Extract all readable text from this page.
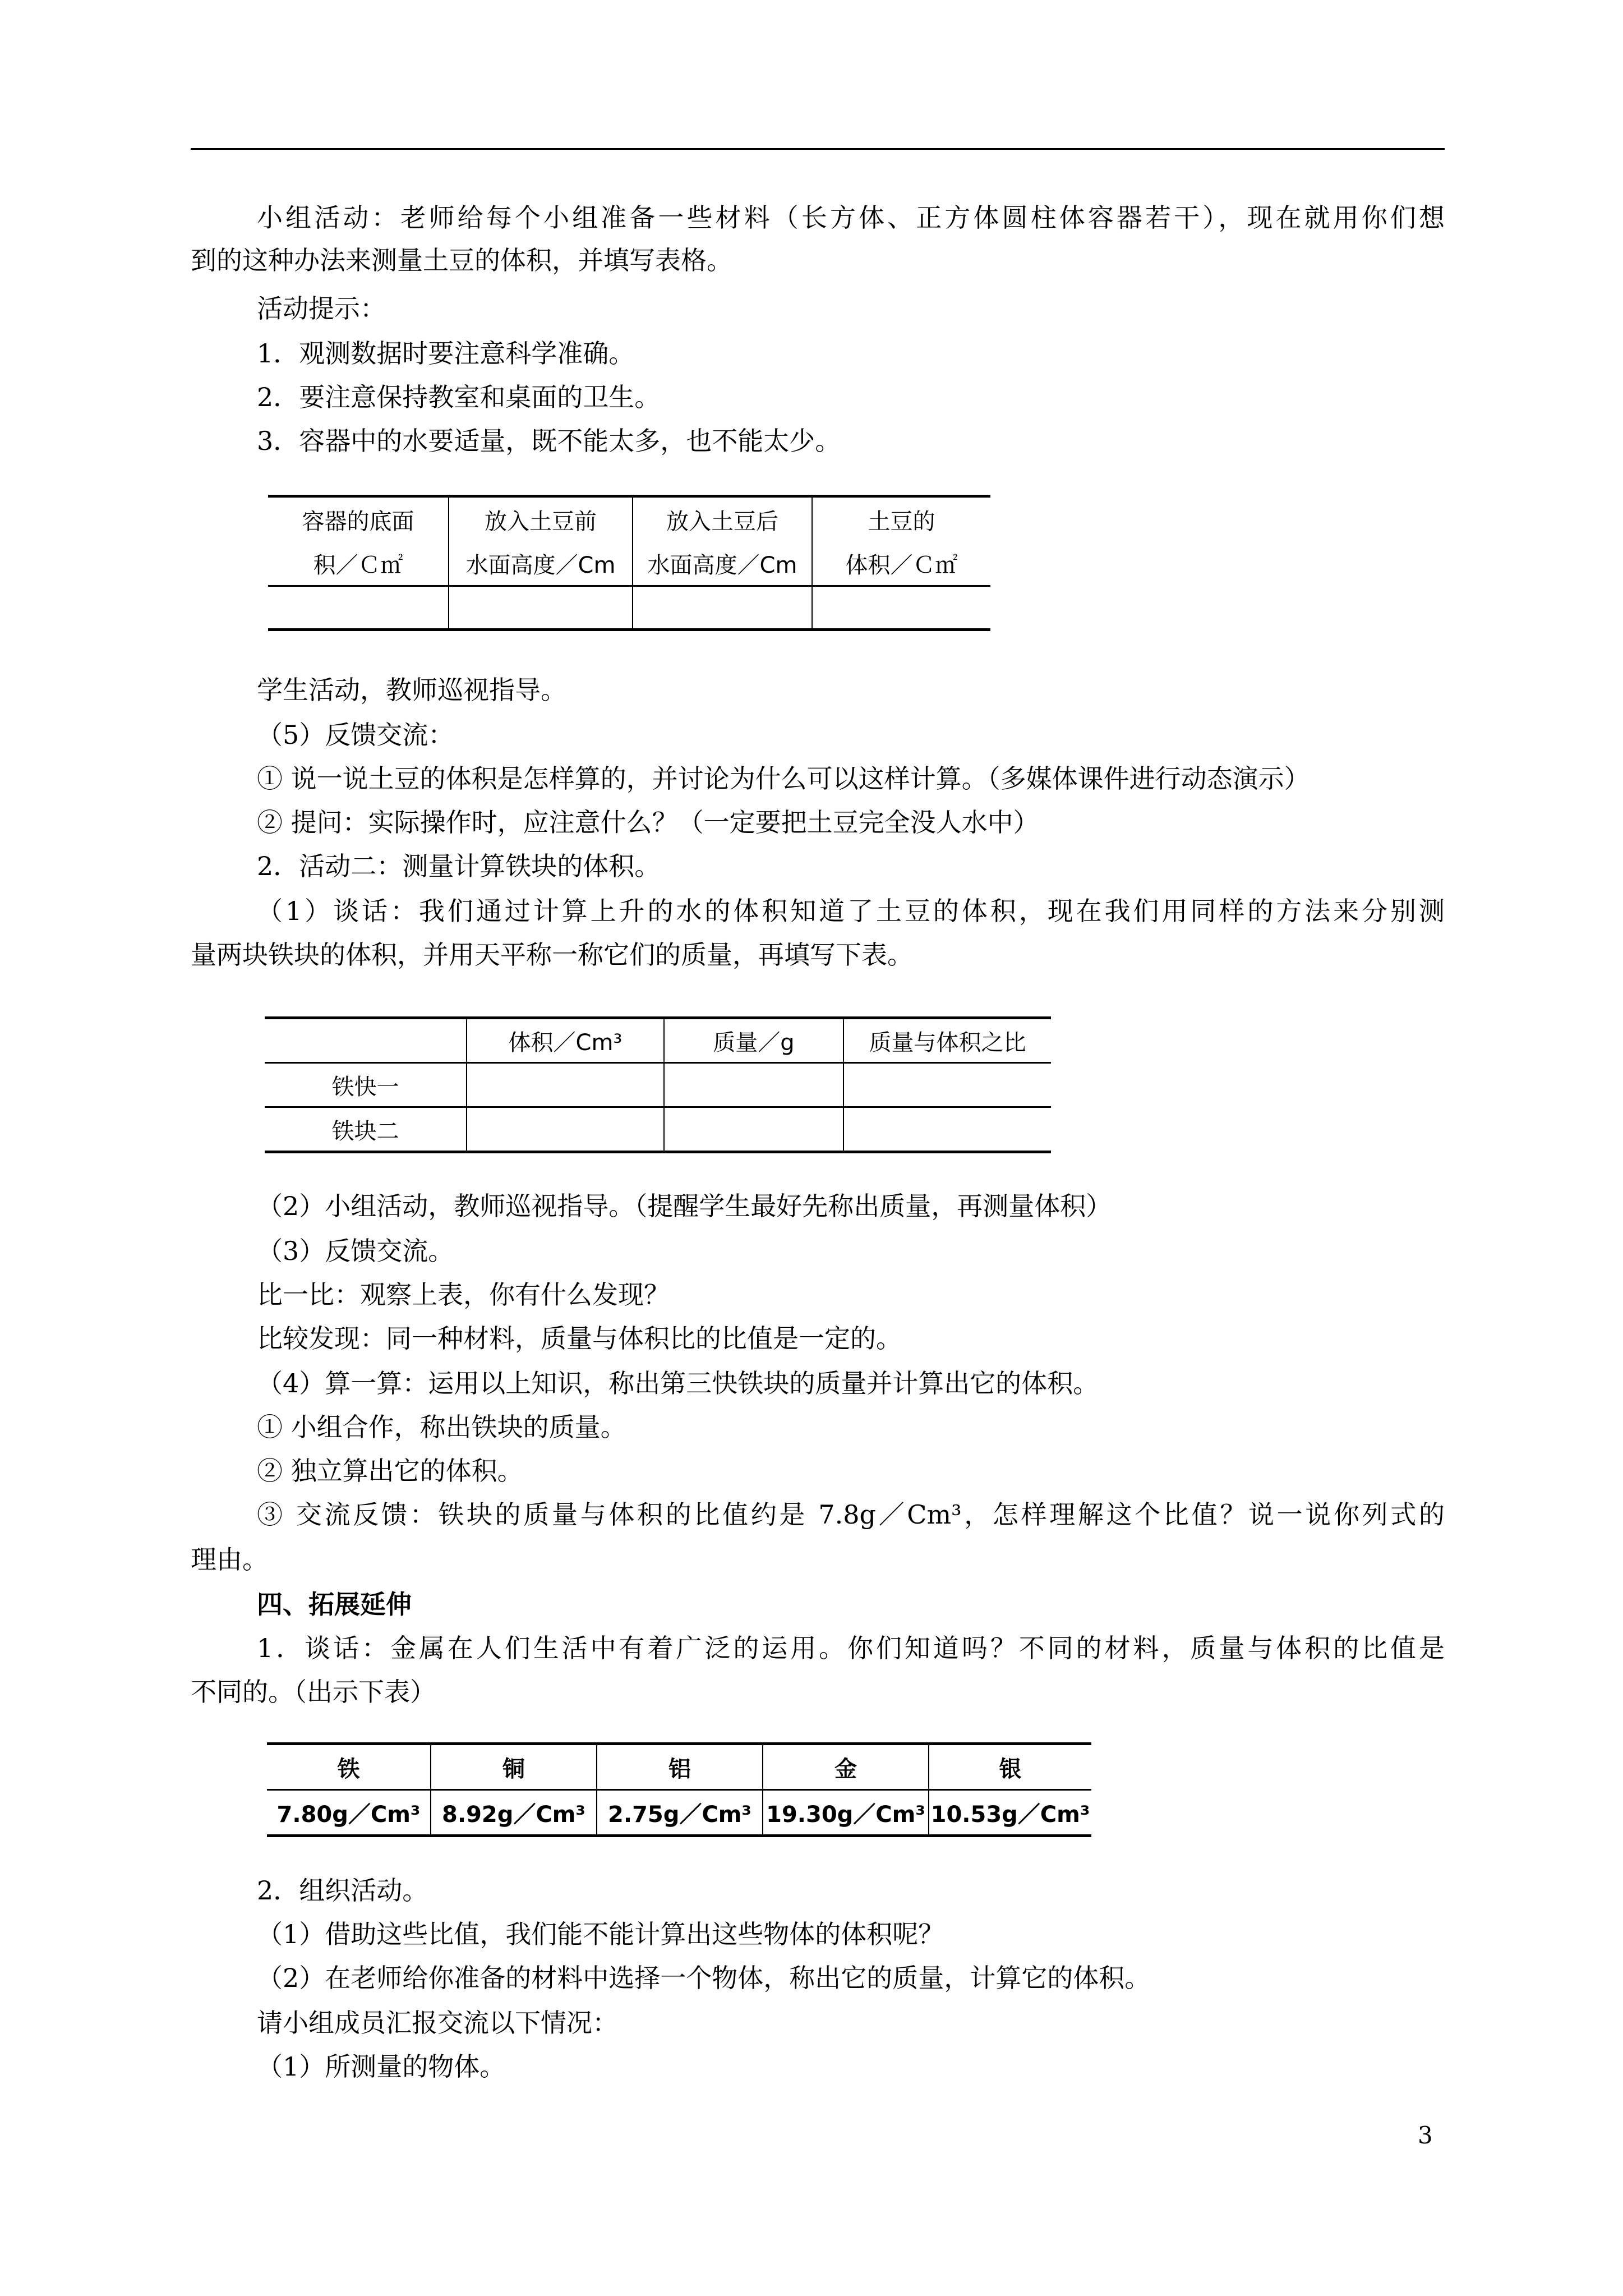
小组活动：老师给每个小组准备一些材料（长方体、正方体圆柱体容器若干），现在就用你们想
到的这种办法来测量土豆的体积，并填写表格。
活动提示：
1．观测数据时要注意科学准确。
2．要注意保持教室和桌面的卫生。
3．容器中的水要适量，既不能太多，也不能太少。
容器的底面	放入土豆前	放入土豆后	土豆的
积／Ｃ㎡	水面高度／Cm	水面高度／Cm	体积／Ｃ㎡

学生活动，教师巡视指导。
（5）反馈交流：
① 说一说土豆的体积是怎样算的，并讨论为什么可以这样计算。（多媒体课件进行动态演示）
② 提问：实际操作时，应注意什么？（一定要把土豆完全没人水中）
2．活动二：测量计算铁块的体积。
（1）谈话：我们通过计算上升的水的体积知道了土豆的体积，现在我们用同样的方法来分别测
量两块铁块的体积，并用天平称一称它们的质量，再填写下表。
	体积／Cm³	质量／g	质量与体积之比
铁快一			
铁块二			
（2）小组活动，教师巡视指导。（提醒学生最好先称出质量，再测量体积）
（3）反馈交流。
比一比：观察上表，你有什么发现？
比较发现：同一种材料，质量与体积比的比值是一定的。
（4）算一算：运用以上知识，称出第三快铁块的质量并计算出它的体积。
① 小组合作，称出铁块的质量。
② 独立算出它的体积。
③ 交流反馈：铁块的质量与体积的比值约是 7.8g／Cm³，怎样理解这个比值？说一说你列式的
理由。
四、拓展延伸
1．谈话：金属在人们生活中有着广泛的运用。你们知道吗？不同的材料，质量与体积的比值是
不同的。（出示下表）
铁	铜	铝	金	银
7.80g／Cm³	8.92g／Cm³	2.75g／Cm³	19.30g／Cm³	10.53g／Cm³
2．组织活动。
（1）借助这些比值，我们能不能计算出这些物体的体积呢？
（2）在老师给你准备的材料中选择一个物体，称出它的质量，计算它的体积。
请小组成员汇报交流以下情况：
（1）所测量的物体。
3
